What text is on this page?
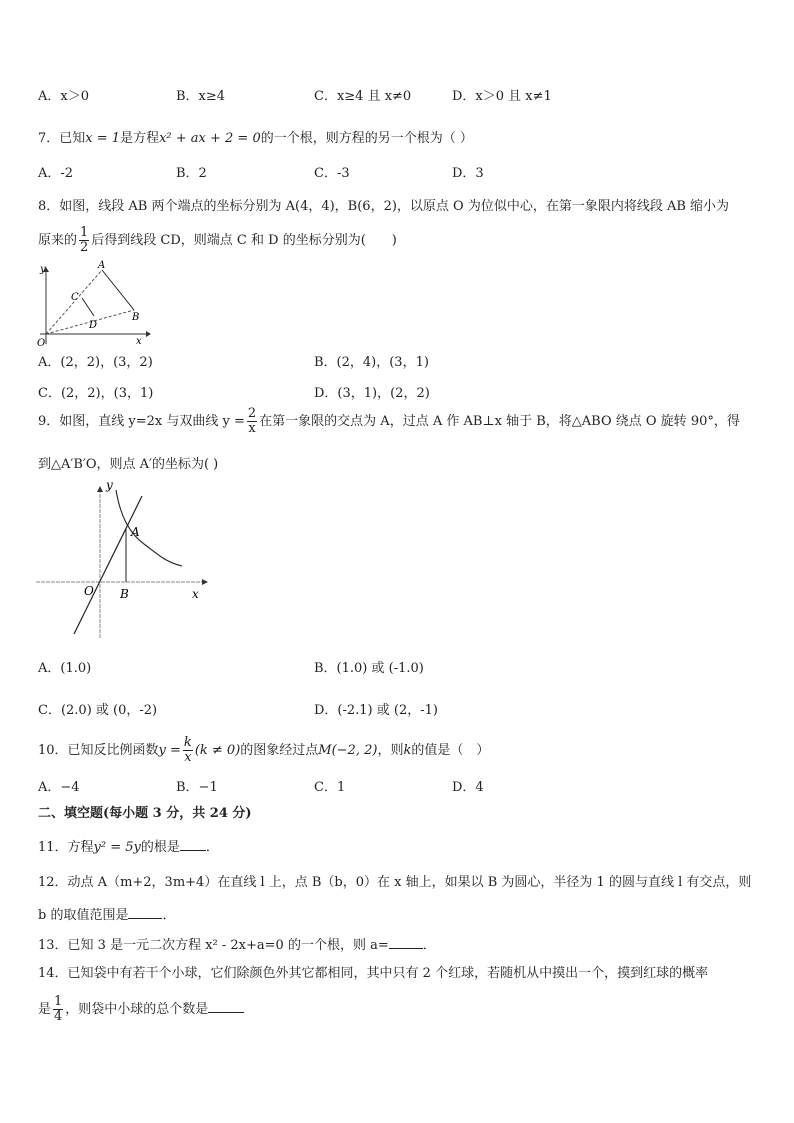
A．x＞0	B．x≥4	C．x≥4 且 x≠0	D．x＞0 且 x≠1
7．已知x = 1是方程x² + ax + 2 = 0的一个根，则方程的另一个根为（ ）
A．-2	B．2	C．-3	D．3
8．如图，线段 AB 两个端点的坐标分别为 A(4，4)，B(6，2)，以原点 O 为位似中心，在第一象限内将线段 AB 缩小为
原来的 $\frac{1}{2}$ 后得到线段 CD，则端点 C 和 D 的坐标分别为(　　)
y
x
O
A
B
C
D
A．(2，2)，(3，2)	B．(2，4)，(3，1)
C．(2，2)，(3，1)	D．(3，1)，(2，2)
9．如图，直线 y=2x 与双曲线 $y = \frac{2}{x}$ 在第一象限的交点为 A，过点 A 作 AB⊥x 轴于 B，将△ABO 绕点 O 旋转 90°，得
到△A′B′O，则点 A′的坐标为( )
y
x
O
A
B
A．(1.0)	B．(1.0) 或 (-1.0)
C．(2.0) 或 (0，-2)	D．(-2.1) 或 (2，-1)
10．已知反比例函数$y = \frac{k}{x} (k \ne 0)$的图象经过点M(−2, 2)，则k的值是（　）
A．−4	B．−1	C．1	D．4
二、填空题(每小题 3 分，共 24 分)
11．方程y² = 5y的根是 ．
12．动点 A（m+2，3m+4）在直线 l 上，点 B（b，0）在 x 轴上，如果以 B 为圆心，半径为 1 的圆与直线 l 有交点，则
b 的取值范围是	．
13．已知 3 是一元二次方程 x² - 2x+a=0 的一个根，则 a=	．
14．已知袋中有若干个小球，它们除颜色外其它都相同，其中只有 2 个红球，若随机从中摸出一个，摸到红球的概率
是 $\frac{1}{4}$ ，则袋中小球的总个数是
